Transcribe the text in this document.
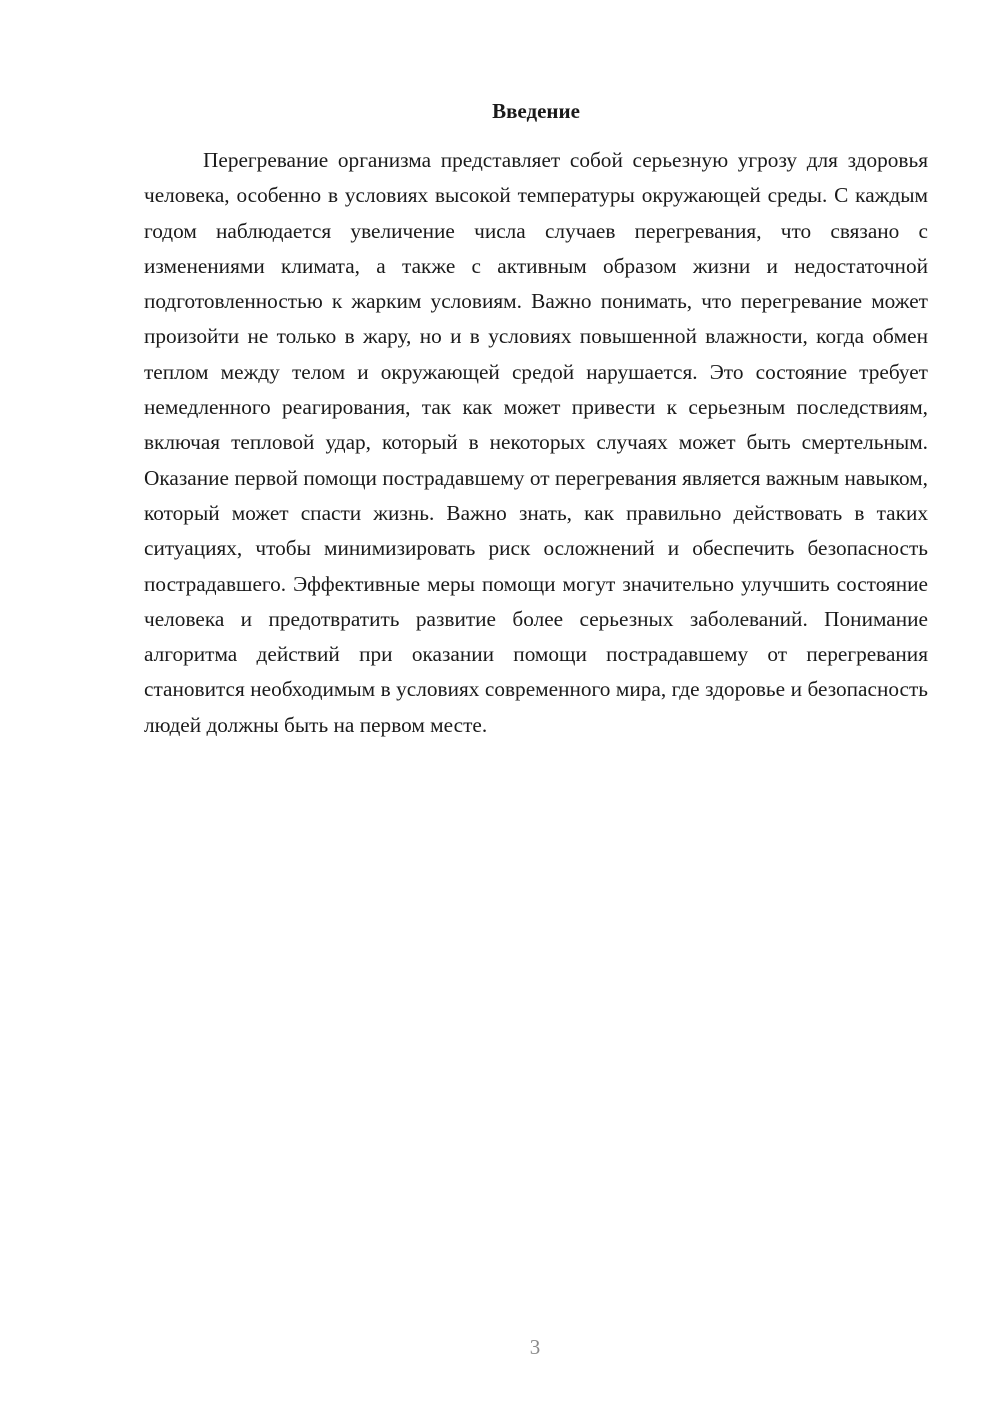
Введение

Перегревание организма представляет собой серьезную угрозу для здоровья человека, особенно в условиях высокой температуры окружающей среды. С каждым годом наблюдается увеличение числа случаев перегревания, что связано с изменениями климата, а также с активным образом жизни и недостаточной подготовленностью к жарким условиям. Важно понимать, что перегревание может произойти не только в жару, но и в условиях повышенной влажности, когда обмен теплом между телом и окружающей средой нарушается. Это состояние требует немедленного реагирования, так как может привести к серьезным последствиям, включая тепловой удар, который в некоторых случаях может быть смертельным. Оказание первой помощи пострадавшему от перегревания является важным навыком, который может спасти жизнь. Важно знать, как правильно действовать в таких ситуациях, чтобы минимизировать риск осложнений и обеспечить безопасность пострадавшего. Эффективные меры помощи могут значительно улучшить состояние человека и предотвратить развитие более серьезных заболеваний. Понимание алгоритма действий при оказании помощи пострадавшему от перегревания становится необходимым в условиях современного мира, где здоровье и безопасность людей должны быть на первом месте.

3
